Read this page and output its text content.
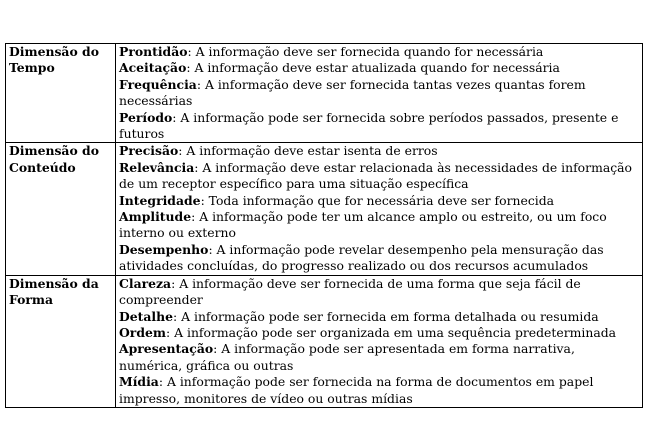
Dimensão do Tempo	Prontidão: A informação deve ser fornecida quando for necessária
Aceitação: A informação deve estar atualizada quando for necessária
Frequência: A informação deve ser fornecida tantas vezes quantas forem necessárias
Período: A informação pode ser fornecida sobre períodos passados, presente e futuros

Dimensão do Conteúdo	Precisão: A informação deve estar isenta de erros
Relevância: A informação deve estar relacionada às necessidades de informação de um receptor específico para uma situação específica
Integridade: Toda informação que for necessária deve ser fornecida
Amplitude: A informação pode ter um alcance amplo ou estreito, ou um foco interno ou externo
Desempenho: A informação pode revelar desempenho pela mensuração das atividades concluídas, do progresso realizado ou dos recursos acumulados

Dimensão da Forma	Clareza: A informação deve ser fornecida de uma forma que seja fácil de compreender
Detalhe: A informação pode ser fornecida em forma detalhada ou resumida
Ordem: A informação pode ser organizada em uma sequência predeterminada
Apresentação: A informação pode ser apresentada em forma narrativa, numérica, gráfica ou outras
Mídia: A informação pode ser fornecida na forma de documentos em papel impresso, monitores de vídeo ou outras mídias
